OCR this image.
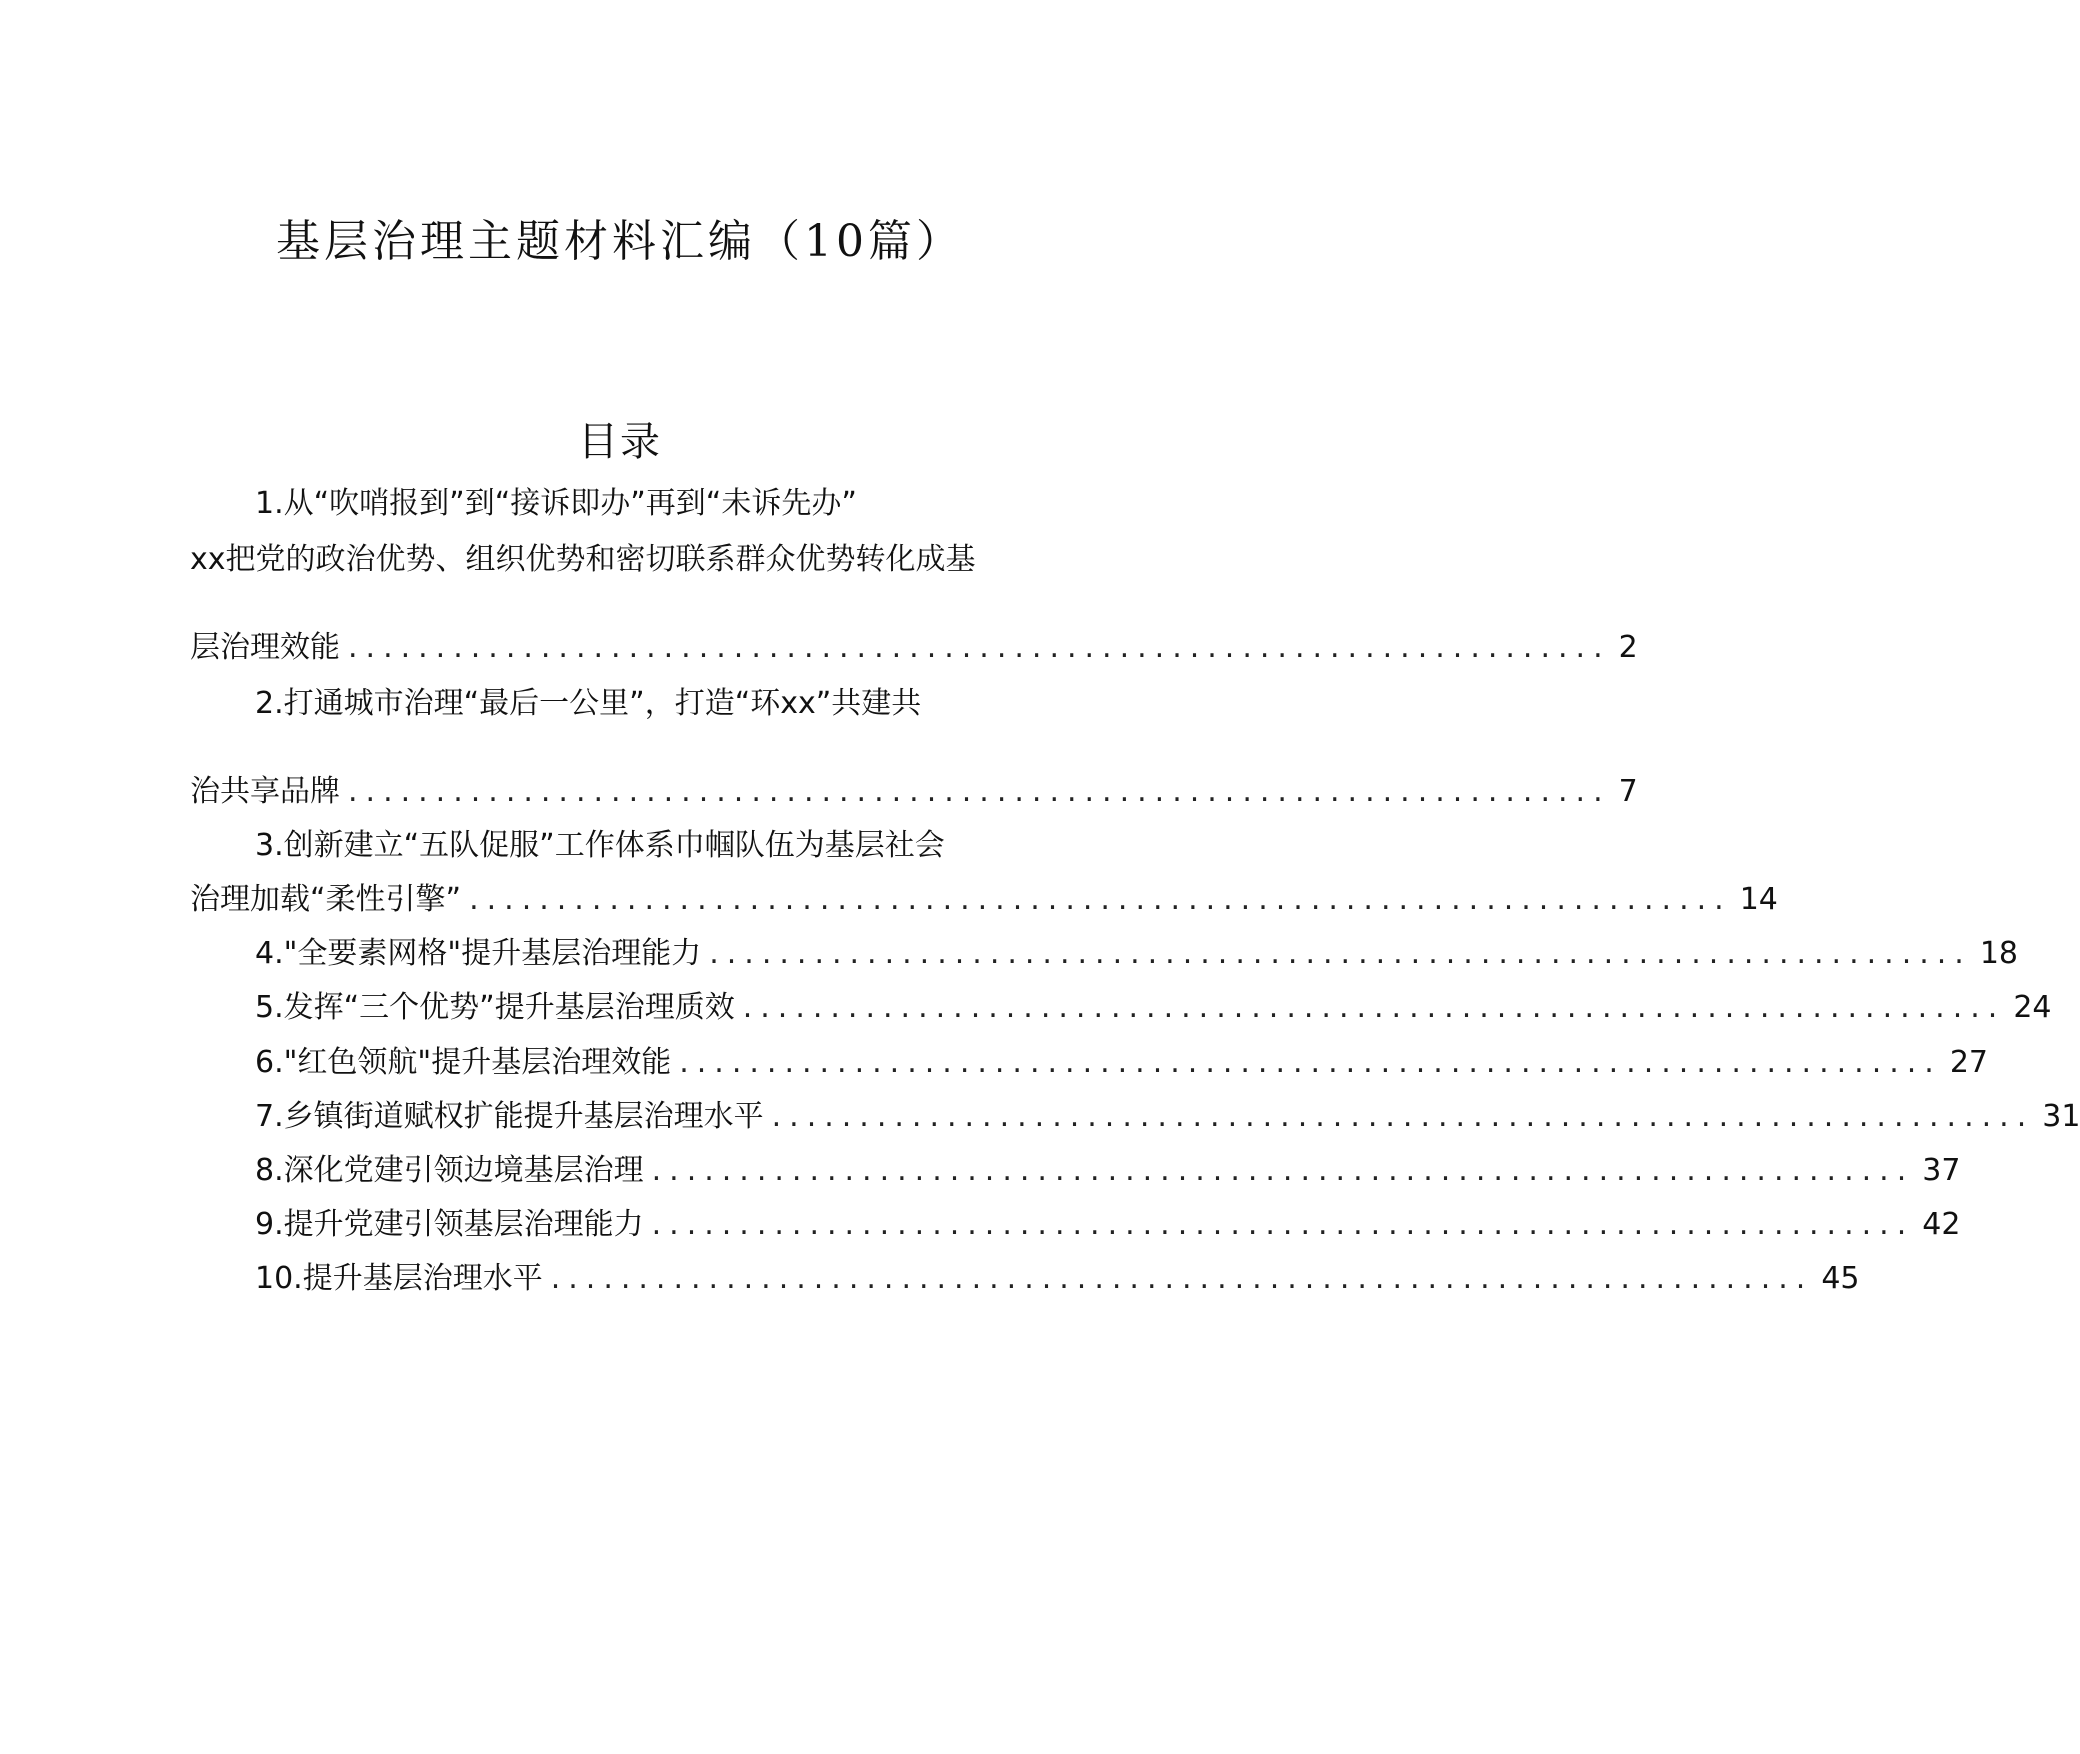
基层治理主题材料汇编（10篇）
目录

1.从“吹哨报到”到“接诉即办”再到“未诉先办”

xx把党的政治优势、组织优势和密切联系群众优势转化成基

层治理效能 ........................................................................ 2

2.打通城市治理“最后一公里”，打造“环xx”共建共

治共享品牌 ........................................................................ 7

3.创新建立“五队促服”工作体系巾帼队伍为基层社会

治理加载“柔性引擎” ........................................................................ 14

4."全要素网格"提升基层治理能力 ........................................................................ 18

5.发挥“三个优势”提升基层治理质效 ........................................................................ 24

6."红色领航"提升基层治理效能 ........................................................................ 27

7.乡镇街道赋权扩能提升基层治理水平 ........................................................................ 31

8.深化党建引领边境基层治理 ........................................................................ 37

9.提升党建引领基层治理能力 ........................................................................ 42

10.提升基层治理水平 ........................................................................ 45
